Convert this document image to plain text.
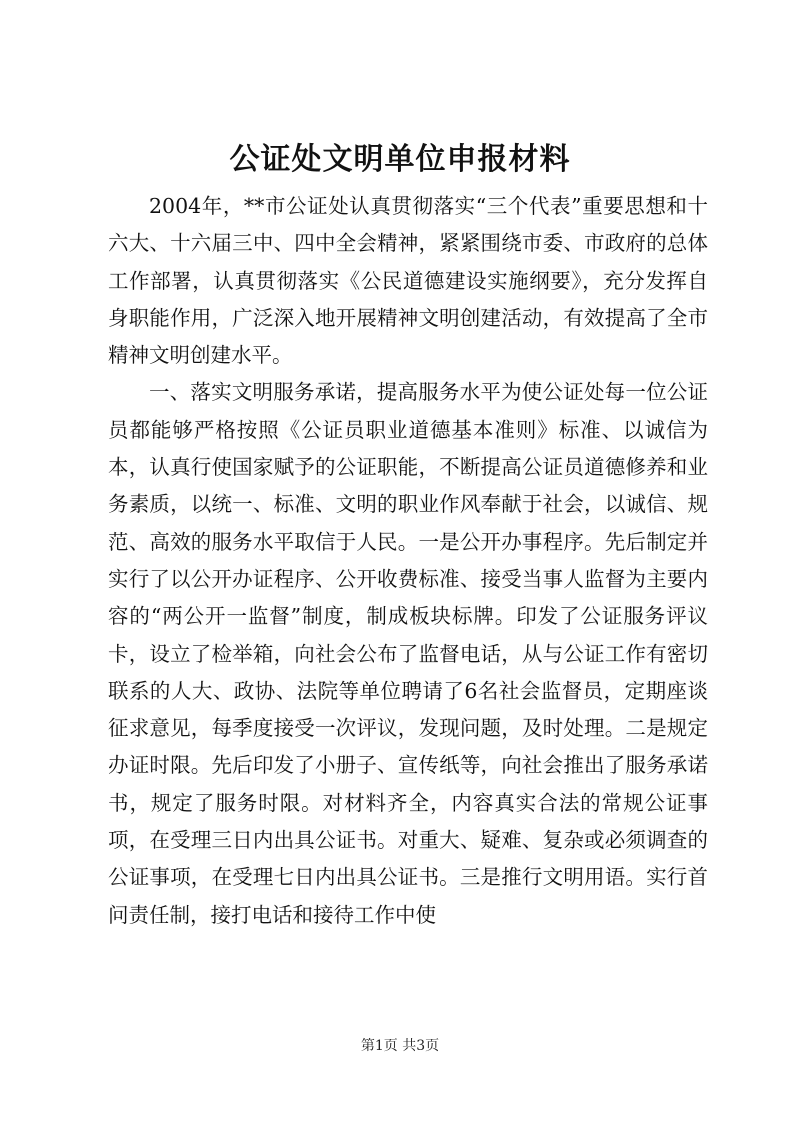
公证处文明单位申报材料

2004年，**市公证处认真贯彻落实“三个代表”重要思想和十六大、十六届三中、四中全会精神，紧紧围绕市委、市政府的总体工作部署，认真贯彻落实《公民道德建设实施纲要》，充分发挥自身职能作用，广泛深入地开展精神文明创建活动，有效提高了全市精神文明创建水平。

一、落实文明服务承诺，提高服务水平为使公证处每一位公证员都能够严格按照《公证员职业道德基本准则》标准、以诚信为本，认真行使国家赋予的公证职能，不断提高公证员道德修养和业务素质，以统一、标准、文明的职业作风奉献于社会，以诚信、规范、高效的服务水平取信于人民。一是公开办事程序。先后制定并实行了以公开办证程序、公开收费标准、接受当事人监督为主要内容的“两公开一监督”制度，制成板块标牌。印发了公证服务评议卡，设立了检举箱，向社会公布了监督电话，从与公证工作有密切联系的人大、政协、法院等单位聘请了6名社会监督员，定期座谈征求意见，每季度接受一次评议，发现问题，及时处理。二是规定办证时限。先后印发了小册子、宣传纸等，向社会推出了服务承诺书，规定了服务时限。对材料齐全，内容真实合法的常规公证事项，在受理三日内出具公证书。对重大、疑难、复杂或必须调查的公证事项，在受理七日内出具公证书。三是推行文明用语。实行首问责任制，接打电话和接待工作中使

第1页 共3页
